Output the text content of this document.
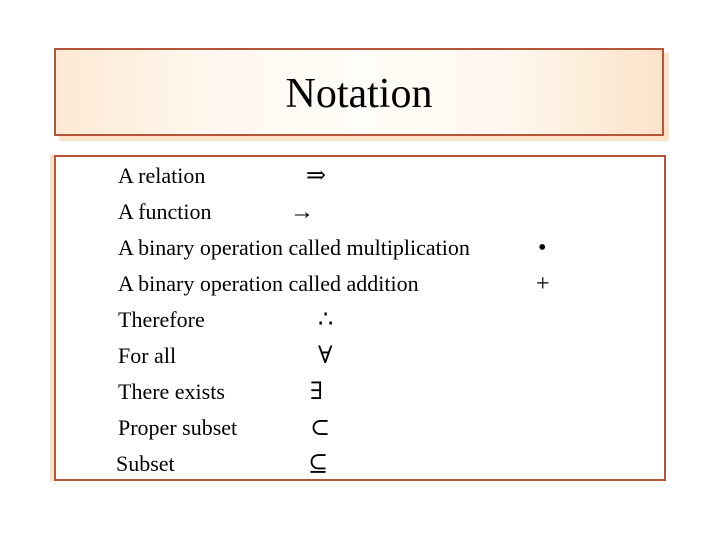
Notation
A relation	⇒
A function	→
A binary operation called multiplication	•
A binary operation called addition	+
Therefore	∴
For all	∀
There exists	∃
Proper subset	⊂
Subset	⊆
